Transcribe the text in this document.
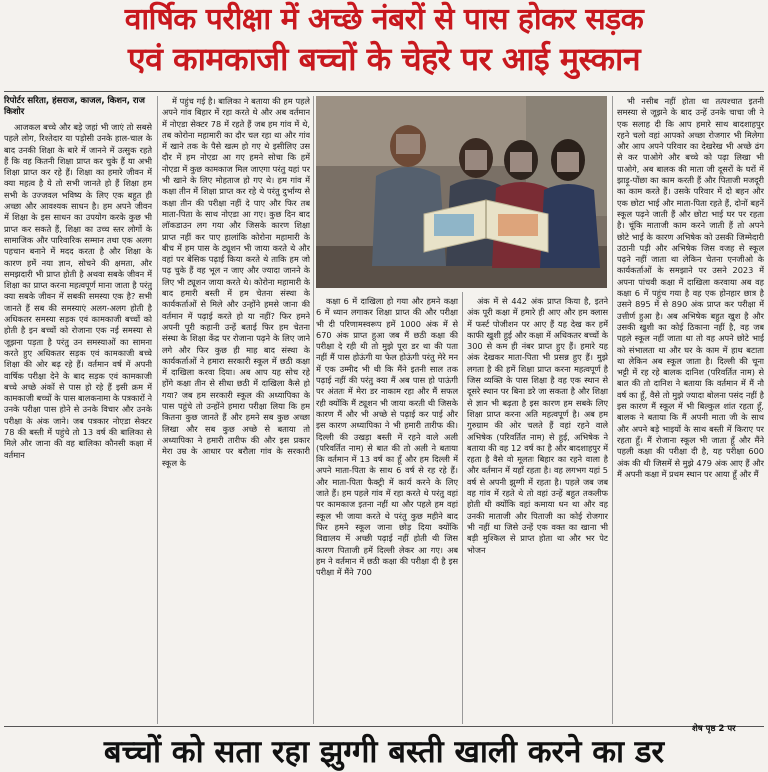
वार्षिक परीक्षा में अच्छे नंबरों से पास होकर सड़क
एवं कामकाजी बच्चों के चेहरे पर आई मुस्कान
रिपोर्टर सरिता, हंसराज, काजल, किशन, राज किशोर

आजकल बच्चे और बड़े जहां भी जाएं तो सबसे पहले लोग, रिश्तेदार या पड़ोसी उनके हाल-चाल के बाद उनकी शिक्षा के बारे में जानने में उत्सुक रहते हैं कि वह कितनी शिक्षा प्राप्त कर चुके हैं या अभी शिक्षा प्राप्त कर रहे हैं। शिक्षा का हमारे जीवन में क्या महत्व है ये तो सभी जानते हो हैं शिक्षा हम सभी के उज्जवल भविष्य के लिए एक बहुत ही अच्छा और आवश्यक साधन है। हम अपने जीवन में शिक्षा के इस साधन का उपयोग करके कुछ भी प्राप्त कर सकते हैं, शिक्षा का उच्च स्तर लोगों के सामाजिक और पारिवारिक सम्मान तथा एक अलग पहचान बनाने में मदद करता है और शिक्षा के कारण हमें नया ज्ञान, सोचने की क्षमता, और समझदारी भी प्राप्त होती है अथवा सबके जीवन में शिक्षा का प्राप्त करना महत्वपूर्ण माना जाता है परंतु क्या सबके जीवन में सबकी समस्या एक है? सभी जानते हैं सब की समस्याएं अलग-अलग होती है अधिकतर समस्या सड़क एवं कामकाजी बच्चों को होती है इन बच्चों को रोजाना एक नई समस्या से जूझना पड़ता है परंतु उन समस्याओं का सामना करते हुए अधिकतर सड़क एवं कामकाजी बच्चे शिक्षा की ओर बढ़ रहे हैं। वर्तमान वर्ष में अपनी वार्षिक परीक्षा देने के बाद सड़क एवं कामकाजी बच्चे अच्छे अंकों से पास हो रहे हैं इसी क्रम में कामकाजी बच्चों के पास बालकनामा के पत्रकारों ने उनके परीक्षा पास होने से उनके विचार और उनके परीक्षा के अंक जाने। जब पत्रकार नोएडा सेक्टर 78 की बस्ती में पहुंचे तो 13 वर्ष की बालिका से मिले और जाना की वह बालिका कौनसी कक्षा में वर्तमान

में पहुंच गई है। बालिका ने बताया की हम पहले अपने गांव बिहार में रहा करते थे और अब वर्तमान में नोएडा सेक्टर 78 में रहते हैं जब हम गांव में थे, तब कोरोना महामारी का दौर चल रहा था और गांव में खाने तक के पैसे खत्म हो गए थे इसीलिए उस दौर में हम नोएडा आ गए हमने सोचा कि हमें नोएडा में कुछ कामकाज मिल जाएगा परंतु यहां पर भी खाने के लिए मोहताज हो गए थे। हम गांव में कक्षा तीन में शिक्षा प्राप्त कर रहे थे परंतु दुर्भाग्य से कक्षा तीन की परीक्षा नहीं दे पाए और फिर तब माता-पिता के साथ नोएडा आ गए। कुछ दिन बाद लॉकडाउन लग गया और जिसके कारण शिक्षा प्राप्त नहीं कर पाए हालांकि कोरोना महामारी के बीच में हम पास के ट्यूशन भी जाया करते थे और वहां पर बेसिक पढ़ाई किया करते थे ताकि हम जो पढ़ चुके हैं वह भूल न जाए और ज्यादा जानने के लिए भी ट्यूशन जाया करते थे। कोरोना महामारी के बाद हमारी बस्ती में हम चेतना संस्था के कार्यकर्ताओं से मिले और उन्होंने हमसे जाना की वर्तमान में पढ़ाई करते हो या नहीं? फिर हमने अपनी पूरी कहानी उन्हें बताई फिर हम चेतना संस्था के शिक्षा केंद्र पर रोजाना पढ़ने के लिए जाने लगे और फिर कुछ ही माह बाद संस्था के कार्यकर्ताओं ने हमारा सरकारी स्कूल में छठी कक्षा में दाखिला करवा दिया। अब आप यह सोच रहे होंगे कक्षा तीन से सीधा छठी में दाखिला कैसे हो गया? जब हम सरकारी स्कूल की अध्यापिका के पास पहुंचे तो उन्होंने हमारा परीक्षा लिया कि हम कितना कुछ जानते हैं और हमने सब कुछ अच्छा लिखा और सब कुछ अच्छे से बताया तो अध्यापिका ने हमारी तारीफ की और इस प्रकार मेरा उम्र के आधार पर बरौला गांव के सरकारी स्कूल के

कक्षा 6 में दाखिला हो गया और हमने कक्षा 6 में ध्यान लगाकर शिक्षा प्राप्त की और परीक्षा भी दी परिणामस्वरूप हमें 1000 अंक में से 670 अंक प्राप्त हुआ जब मैं छठी कक्षा की परीक्षा दे रही थी तो मुझे पूरा डर था की पता नहीं मैं पास होऊंगी या फेल होऊंगी परंतु मेरे मन में एक उम्मीद भी थी कि मैंने इतनी साल तक पढ़ाई नहीं की परंतु क्या मैं अब पास हो पाऊंगी पर अंततः में मेरा डर नाकाम रहा और मैं सफल रही क्योंकि मैं ट्यूशन भी जाया करती थी जिसके कारण मैं और भी अच्छे से पढ़ाई कर पाई और इस कारण अध्यापिका ने भी हमारी तारीफ की। दिल्ली की उखड़ा बस्ती में रहने वाले अली (परिवर्तित नाम) से बात की तो अली ने बताया कि वर्तमान में 13 वर्ष का हूँ और हम दिल्ली में अपने माता-पिता के साथ 6 वर्ष से रह रहे हैं। और माता-पिता फैक्ट्री में कार्य करने के लिए जाते हैं। हम पहले गांव में रहा करते थे परंतु वहां पर कामकाज इतना नहीं था और पहले हम वहां स्कूल भी जाया करते थे परंतु कुछ महीने बाद फिर हमने स्कूल जाना छोड़ दिया क्योंकि विद्यालय में अच्छी पढ़ाई नहीं होती थी जिस कारण पिताजी हमें दिल्ली लेकर आ गए। अब हम ने वर्तमान में छठी कक्षा की परीक्षा दी है इस परीक्षा में मैंने 700

अंक में से 442 अंक प्राप्त किया है, इतने अंक पूरी कक्षा में हमारे ही आए और हम क्लास में फर्स्ट पोजीशन पर आए हैं यह देख कर हमें काफी खुशी हुई और कक्षा में अधिकतर बच्चों के 300 से कम ही नंबर प्राप्त हुए हैं। हमारे यह अंक देखकर माता-पिता भी प्रसन्न हुए हैं। मुझे लगता है की हमें शिक्षा प्राप्त करना महत्वपूर्ण है जिस व्यक्ति के पास शिक्षा है वह एक स्थान से दूसरे स्थान पर बिना डरे जा सकता है और शिक्षा से ज्ञान भी बढ़ता है इस कारण हम सबके लिए शिक्षा प्राप्त करना अति महत्वपूर्ण है। अब हम गुरुग्राम की ओर चलते हैं वहां रहने वाले अभिषेक (परिवर्तित नाम) से हुई, अभिषेक ने बताया की वह 12 वर्ष का है और बादशाहपुर में रहता है वैसे वो मूलतः बिहार का रहने वाला है और वर्तमान में यहाँ रहता है। वह लगभग यहां 5 वर्ष से अपनी झुग्गी में रहता है। पहले जब जब वह गांव में रहते थे तो वहां उन्हें बहुत तकलीफ होती थी क्योंकि वहां कमाया धन था और वह उनकी माताजी और पिताजी का कोई रोजगार भी नहीं था जिसे उन्हें एक वक्त का खाना भी बड़ी मुश्किल से प्राप्त होता था और भर पेट भोजन

भी नसीब नहीं होता था तत्पश्चात इतनी समस्या से जूझने के बाद उन्हें उनके चाचा जी ने एक सलाह दी कि आप हमारे साथ बादशाहपुर रहने चलो वहां आपको अच्छा रोजगार भी मिलेगा और आप अपने परिवार का देखरेख भी अच्छे ढंग से कर पाओगे और बच्चे को पढ़ा लिखा भी पाओगे, अब बालक की माता जी दूसरों के घरों में झाड़ू-पोंछा का काम करती हैं और पिताजी मजदूरी का काम करते हैं। उसके परिवार में दो बहन और एक छोटा भाई और माता-पिता रहते हैं, दोनों बहनें स्कूल पढ़ने जाती हैं और छोटा भाई घर पर रहता है। चूंकि माताजी काम करने जाती हैं तो अपने छोटे भाई के कारण अभिषेक को उसकी जिम्मेदारी उठानी पड़ी और अभिषेक जिस वजह से स्कूल पढ़ने नहीं जाता था लेकिन चेतना एनजीओ के कार्यकर्ताओं के समझाने पर उसने 2023 में अपना पांचवी कक्षा में दाखिला करवाया अब वह कक्षा 6 में पहुंच गया है वह एक होनहार छात्र है उसने 895 में से 890 अंक प्राप्त कर परीक्षा में उत्तीर्ण हुआ है। अब अभिषेक बहुत खुश है और उसकी खुशी का कोई ठिकाना नहीं है, वह जब पहले स्कूल नहीं जाता था तो वह अपने छोटे भाई को संभालता था और घर के काम में हाथ बटाता था लेकिन अब स्कूल जाता है। दिल्ली की चूना भट्टी में रह रहे बालक दानिश (परिवर्तित नाम) से बात की तो दानिश ने बताया कि वर्तमान में मैं नौ वर्ष का हूँ, वैसे तो मुझे ज्यादा बोलना पसंद नहीं है इस कारण मैं स्कूल में भी बिल्कुल शांत रहता हूँ, बालक ने बताया कि मैं अपनी माता जी के साथ और अपने बड़े भाइयों के साथ बस्ती में किराए पर रहता हूँ। मैं रोजाना स्कूल भी जाता हूँ और मैंने पहली कक्षा की परीक्षा दी है, यह परीक्षा 600 अंक की थी जिसमें से मुझे 479 अंक आए हैं और मैं अपनी कक्षा में प्रथम स्थान पर आया हूँ और मैं

शेष पृष्ठ 2 पर
बच्चों को सता रहा झुग्गी बस्ती खाली करने का डर
